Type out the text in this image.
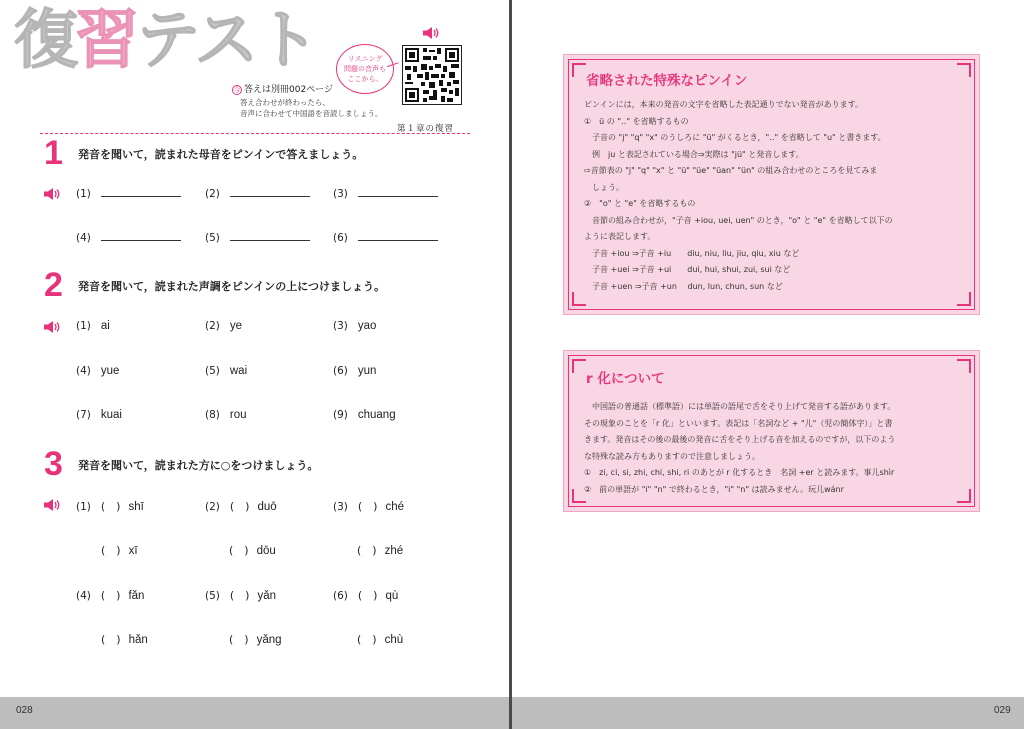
復習テスト	リスニング
問題の音声も
ここから。
今 答えは別冊002ページ
答え合わせが終わったら、
音声に合わせて中国語を音読しましょう。
第１章の復習
1 発音を聞いて，読まれた母音をピンインで答えましょう。
(1)	(2)	(3)
(4)	(5)	(6)
2 発音を聞いて，読まれた声調をピンインの上につけましょう。
(1) ai	(2) ye	(3) yao
(4) yue	(5) wai	(6) yun
(7) kuai	(8) rou	(9) chuang
3 発音を聞いて，読まれた方に○をつけましょう。
(1) (　) shī	(2) (　) duō	(3) (　) ché
(　) xī	(　) dōu	(　) zhé
(4) (　) fǎn	(5) (　) yǎn	(6) (　) qù
(　) hǎn	(　) yǎng	(　) chù
省略された特殊なピンイン

ピンインには，本来の発音の文字を省略した表記通りでない発音があります。

①　ü の "‥" を省略するもの

　子音の "j" "q" "x" のうしろに "ü" がくるとき，"‥" を省略して "u" と書きます。

　例　ju と表記されている場合⇒実際は "jü" と発音します。

⇨音節表の "j" "q" "x" と "ü" "üe" "üan" "ün" の組み合わせのところを見てみま

　しょう。

②　"o" と "e" を省略するもの

　音節の組み合わせが，"子音 +iou, uei, uen" のとき，"o" と "e" を省略して以下の

ように表記します。

　子音 +iou ⇒子音 +iu　　diu, niu, liu, jiu, qiu, xiu など

　子音 +uei ⇒子音 +ui　　dui, hui, shui, zui, sui など

　子音 +uen ⇒子音 +un　 dun, lun, chun, sun など

r 化について

　中国語の普通話（標準語）には単語の語尾で舌をそり上げて発音する語があります。

その現象のことを「r 化」といいます。表記は「名詞など + "儿"（児の簡体字）」と書

きます。発音はその後の最後の発音に舌をそり上げる音を加えるのですが，以下のよう

な特殊な読み方もありますので注意しましょう。

①　zi, ci, si, zhi, chi, shi, ri のあとが r 化するとき　名詞 +er と読みます。事儿shìr

②　前の単語が "i" "n" で終わるとき，"i" "n" は読みません。玩儿wánr

028	029
